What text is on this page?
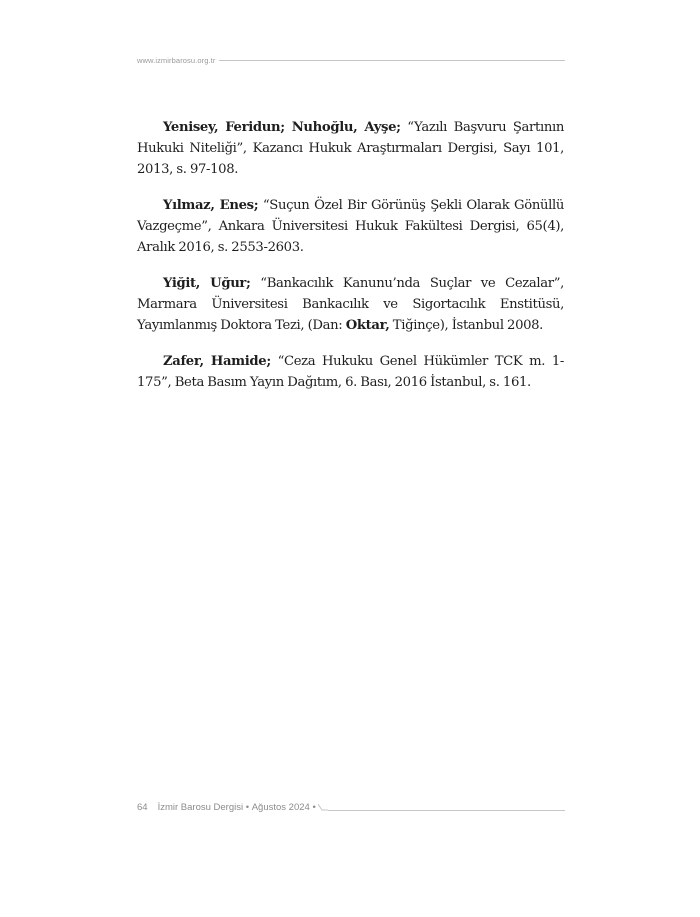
www.izmirbarosu.org.tr

Yenisey, Feridun; Nuhoğlu, Ayşe; “Yazılı Başvuru Şartının Hukuki Niteliği”, Kazancı Hukuk Araştırmaları Dergisi, Sayı 101, 2013, s. 97-108.

Yılmaz, Enes; “Suçun Özel Bir Görünüş Şekli Olarak Gönüllü Vazgeçme”, Ankara Üniversitesi Hukuk Fakültesi Dergisi, 65(4), Aralık 2016, s. 2553-2603.

Yiğit, Uğur; “Bankacılık Kanunu’nda Suçlar ve Cezalar”, Marmara Üniversitesi Bankacılık ve Sigortacılık Enstitüsü, Yayımlanmış Doktora Tezi, (Dan: Oktar, Tiğinçe), İstanbul 2008.

Zafer, Hamide; “Ceza Hukuku Genel Hükümler TCK m. 1-175”, Beta Basım Yayın Dağıtım, 6. Bası, 2016 İstanbul, s. 161.

64 İzmir Barosu Dergisi • Ağustos 2024 •
